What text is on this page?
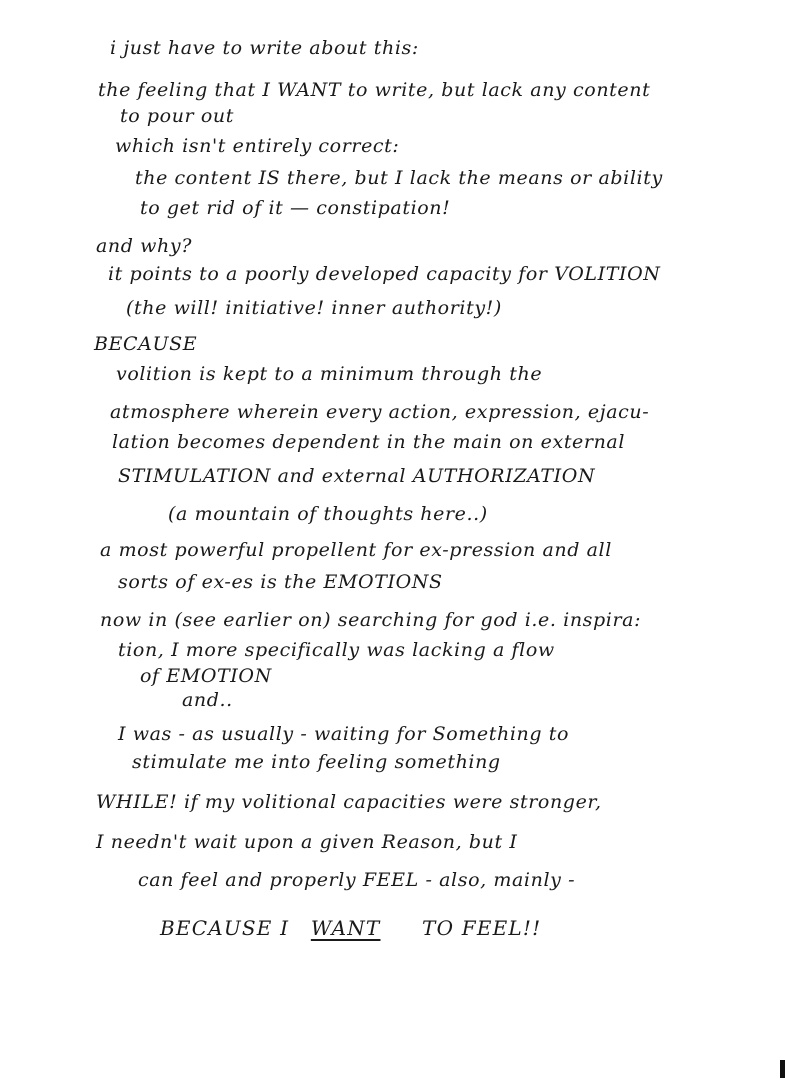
i just have to write about this:
the feeling that I WANT to write, but lack any content
to pour out
which isn't entirely correct:
the content IS there, but I lack the means or ability
to get rid of it — constipation!
and why?
it points to a poorly developed capacity for VOLITION
(the will! initiative! inner authority!)
BECAUSE
volition is kept to a minimum through the
atmosphere wherein every action, expression, ejacu-
lation becomes dependent in the main on external
STIMULATION and external AUTHORIZATION
(a mountain of thoughts here..)
a most powerful propellent for ex-pression and all
sorts of ex-es is the EMOTIONS
now in (see earlier on) searching for god i.e. inspira:
tion, I more specifically was lacking a flow
of EMOTION
and..
I was - as usually - waiting for Something to
stimulate me into feeling something
WHILE! if my volitional capacities were stronger,
I needn't wait upon a given Reason, but I
can feel and properly FEEL - also, mainly -
BECAUSE I WANT TO FEEL!!
